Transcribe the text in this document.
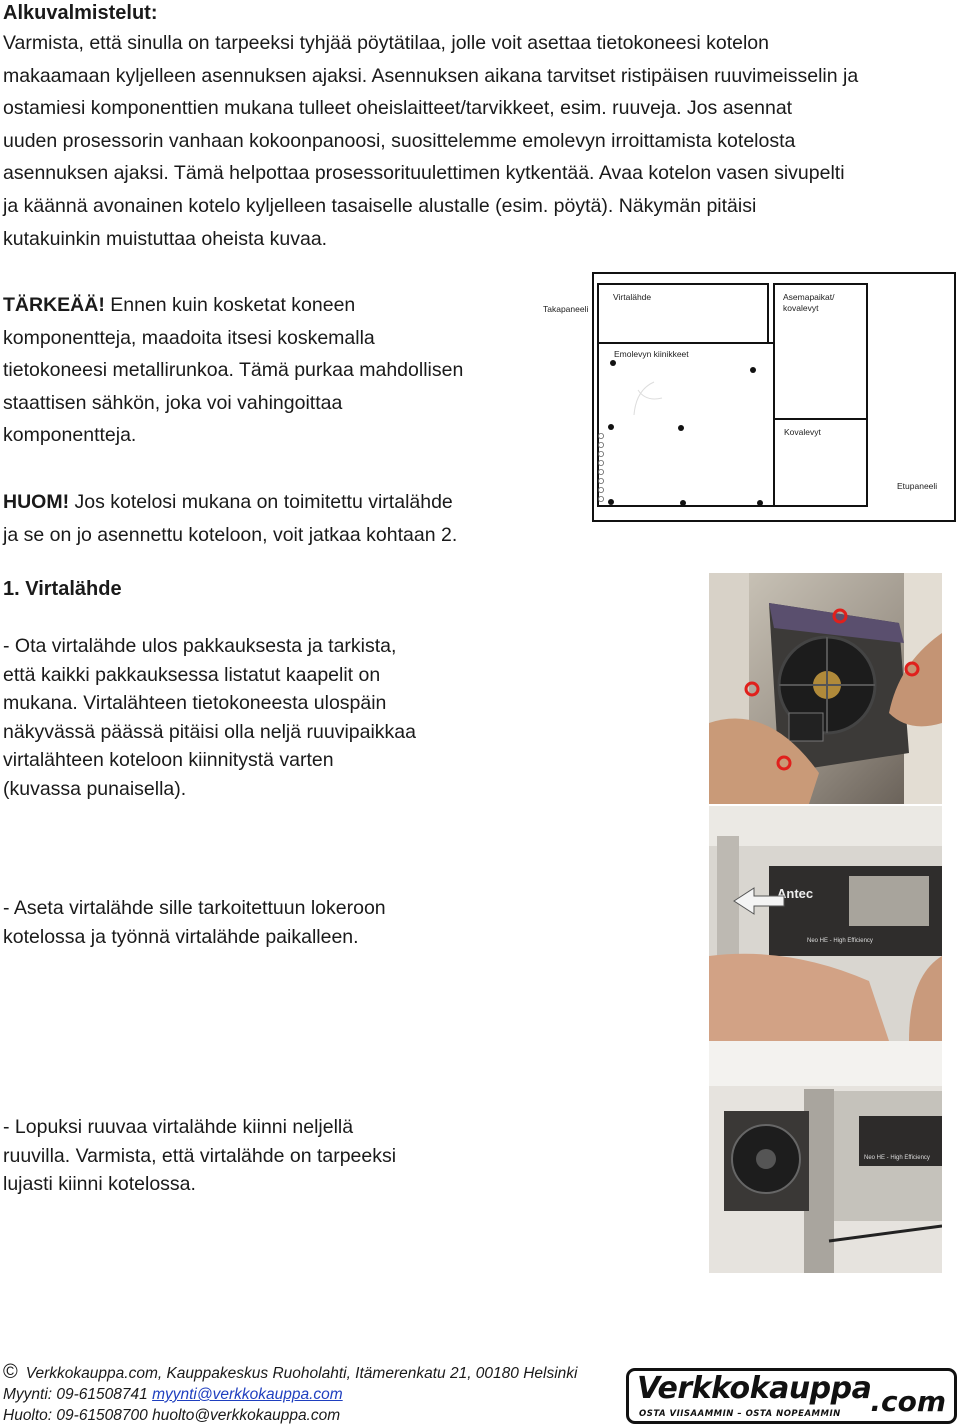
Alkuvalmistelut:
Varmista, että sinulla on tarpeeksi tyhjää pöytätilaa, jolle voit asettaa tietokoneesi kotelon
makaamaan kyljelleen asennuksen ajaksi. Asennuksen aikana tarvitset ristipäisen ruuvimeisselin ja
ostamiesi komponenttien mukana tulleet oheislaitteet/tarvikkeet, esim. ruuveja. Jos asennat
uuden prosessorin vanhaan kokoonpanoosi, suosittelemme emolevyn irroittamista kotelosta
asennuksen ajaksi. Tämä helpottaa prosessorituulettimen kytkentää. Avaa kotelon vasen sivupelti
ja käännä avonainen kotelo kyljelleen tasaiselle alustalle (esim. pöytä). Näkymän pitäisi
kutakuinkin muistuttaa oheista kuvaa.
TÄRKEÄÄ! Ennen kuin kosketat koneen
komponentteja, maadoita itsesi koskemalla
tietokoneesi metallirunkoa. Tämä purkaa mahdollisen
staattisen sähkön, joka voi vahingoittaa
komponentteja.
HUOM! Jos kotelosi mukana on toimitettu virtalähde
ja se on jo asennettu koteloon, voit jatkaa kohtaan 2.
Takapaneeli
Virtalähde	Asemapaikat/
kovalevyt
Emolevyn kiinikkeet
Kovalevyt
Etupaneeli
1. Virtalähde
- Ota virtalähde ulos pakkauksesta ja tarkista,
että kaikki pakkauksessa listatut kaapelit on
mukana. Virtalähteen tietokoneesta ulospäin
näkyvässä päässä pitäisi olla neljä ruuvipaikkaa
virtalähteen koteloon kiinnitystä varten
(kuvassa punaisella).
- Aseta virtalähde sille tarkoitettuun lokeroon
kotelossa ja työnnä virtalähde paikalleen.
- Lopuksi ruuvaa virtalähde kiinni neljellä
ruuvilla. Varmista, että virtalähde on tarpeeksi
lujasti kiinni kotelossa.
Antec
Neo HE - High Efficiency
Neo HE - High Efficiency
© Verkkokauppa.com, Kauppakeskus Ruoholahti, Itämerenkatu 21, 00180 Helsinki
Myynti: 09-61508741 myynti@verkkokauppa.com
Huolto: 09-61508700 huolto@verkkokauppa.com
Verkkokauppa
.com
OSTA VIISAAMMIN – OSTA NOPEAMMIN
